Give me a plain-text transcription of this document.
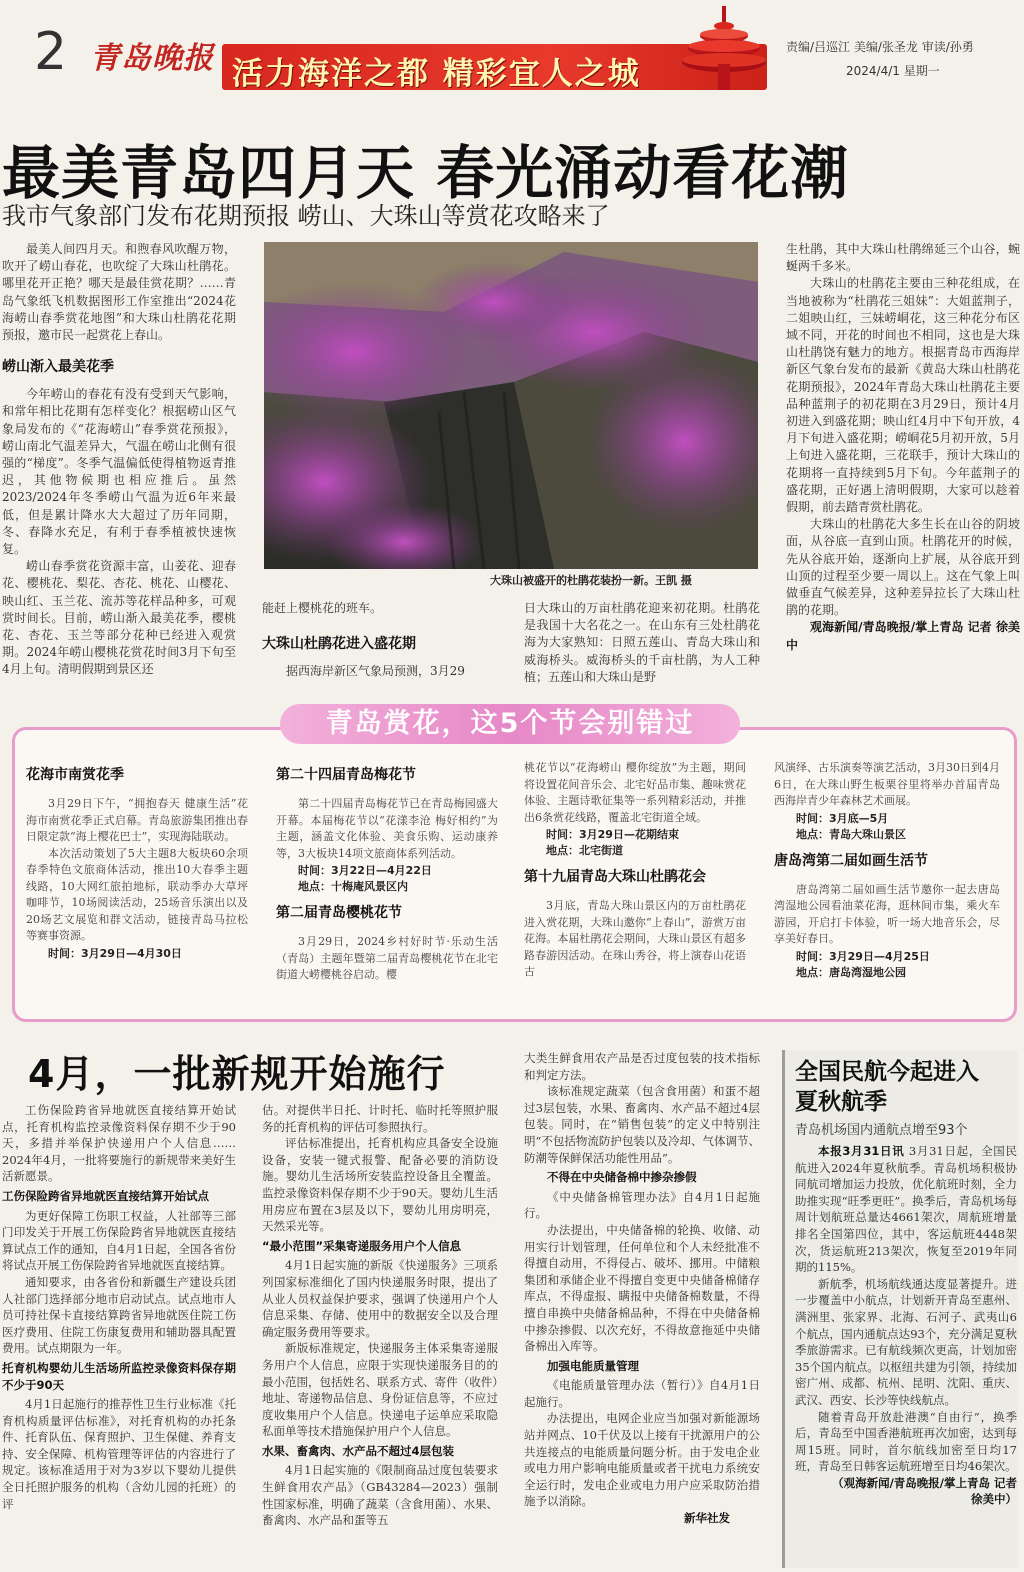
2 青岛晚报 活力海洋之都 精彩宜人之城
责编/吕巡江 美编/张圣龙 审读/孙勇
2024/4/1 星期一
最美青岛四月天 春光涌动看花潮
我市气象部门发布花期预报 崂山、大珠山等赏花攻略来了

最美人间四月天。和煦春风吹醒万物，吹开了崂山春花，也吹绽了大珠山杜鹃花。哪里花开正艳？哪天是最佳赏花期？……青岛气象纸飞机数据图形工作室推出“2024花海崂山春季赏花地图”和大珠山杜鹃花花期预报，邀市民一起赏花上春山。

崂山渐入最美花季

今年崂山的春花有没有受到天气影响，和常年相比花期有怎样变化？根据崂山区气象局发布的《“花海崂山”春季赏花预报》，崂山南北气温差异大，气温在崂山北侧有很强的“梯度”。冬季气温偏低使得植物返青推迟，其他物候期也相应推后。虽然2023/2024年冬季崂山气温为近6年来最低，但是累计降水大大超过了历年同期，冬、春降水充足，有利于春季植被快速恢复。

崂山春季赏花资源丰富，山姜花、迎春花、樱桃花、梨花、杏花、桃花、山樱花、映山红、玉兰花、流苏等花样品种多，可观赏时间长。目前，崂山渐入最美花季，樱桃花、杏花、玉兰等部分花种已经进入观赏期。2024年崂山樱桃花赏花时间3月下旬至4月上旬。清明假期到景区还

大珠山被盛开的杜鹃花装扮一新。王凯 摄

能赶上樱桃花的班车。

大珠山杜鹃花进入盛花期

据西海岸新区气象局预测，3月29

日大珠山的万亩杜鹃花迎来初花期。杜鹃花是我国十大名花之一。在山东有三处杜鹃花海为大家熟知：日照五莲山、青岛大珠山和威海桥头。威海桥头的千亩杜鹃，为人工种植；五莲山和大珠山是野

生杜鹃，其中大珠山杜鹃绵延三个山谷，蜿蜒两千多米。

大珠山的杜鹃花主要由三种花组成，在当地被称为“杜鹃花三姐妹”：大姐蓝荆子，二姐映山红，三妹崂峒花，这三种花分布区域不同，开花的时间也不相同，这也是大珠山杜鹃饶有魅力的地方。根据青岛市西海岸新区气象台发布的最新《黄岛大珠山杜鹃花花期预报》，2024年青岛大珠山杜鹃花主要品种蓝荆子的初花期在3月29日，预计4月初进入到盛花期；映山红4月中下旬开放，4月下旬进入盛花期；崂峒花5月初开放，5月上旬进入盛花期，三花联手，预计大珠山的花期将一直持续到5月下旬。今年蓝荆子的盛花期，正好遇上清明假期，大家可以趁着假期，前去踏青赏杜鹃花。

大珠山的杜鹃花大多生长在山谷的阴坡面，从谷底一直到山顶。杜鹃花开的时候，先从谷底开始，逐渐向上扩展，从谷底开到山顶的过程至少要一周以上。这在气象上叫做垂直气候差异，这种差异拉长了大珠山杜鹃的花期。

观海新闻/青岛晚报/掌上青岛 记者 徐美中

青岛赏花，这5个节会别错过
花海市南赏花季

3月29日下午，“拥抱春天 健康生活”花海市南赏花季正式启幕。青岛旅游集团推出春日限定款“海上樱花巴士”，实现海陆联动。

本次活动策划了5大主题8大板块60余项春季特色文旅商体活动，推出10大春季主题线路，10大网红旅拍地标，联动季办大草坪咖啡节，10场阅读活动，25场音乐演出以及20场艺文展览和群文活动，链接青岛马拉松等赛事资源。

时间：3月29日—4月30日

第二十四届青岛梅花节

第二十四届青岛梅花节已在青岛梅园盛大开幕。本届梅花节以“花漾李沧 梅好相约”为主题，涵盖文化体验、美食乐购、运动康养等，3大板块14项文旅商体系列活动。

时间：3月22日—4月22日

地点：十梅庵风景区内

第二届青岛樱桃花节

3月29日，2024乡村好时节·乐动生活（青岛）主题年暨第二届青岛樱桃花节在北宅街道大崂樱桃谷启动。樱

桃花节以“花海崂山 樱你绽放”为主题，期间将设置花间音乐会、北宅好品市集、趣味赏花体验、主题诗歌征集等一系列精彩活动，并推出6条赏花线路，覆盖北宅街道全域。

时间：3月29日—花期结束

地点：北宅街道

第十九届青岛大珠山杜鹃花会

3月底，青岛大珠山景区内的万亩杜鹃花进入赏花期，大珠山邀你“上春山”，游赏万亩花海。本届杜鹃花会期间，大珠山景区有超多路春游因活动。在珠山秀谷，将上演春山花语古

风演绎、古乐演奏等演艺活动，3月30日到4月6日，在大珠山野生板栗谷里将举办首届青岛西海岸青少年森林艺术画展。

时间：3月底—5月

地点：青岛大珠山景区

唐岛湾第二届如画生活节

唐岛湾第二届如画生活节邀你一起去唐岛湾湿地公园看油菜花海，逛林间市集，乘火车游园，开启打卡体验，听一场大地音乐会，尽享美好春日。

时间：3月29日—4月25日

地点：唐岛湾湿地公园

4月，一批新规开始施行

工伤保险跨省异地就医直接结算开始试点，托育机构监控录像资料保存期不少于90天，多措并举保护快递用户个人信息……2024年4月，一批将要施行的新规带来美好生活新愿景。

工伤保险跨省异地就医直接结算开始试点

为更好保障工伤职工权益，人社部等三部门印发关于开展工伤保险跨省异地就医直接结算试点工作的通知，自4月1日起，全国各省份将试点开展工伤保险跨省异地就医直接结算。

通知要求，由各省份和新疆生产建设兵团人社部门选择部分地市启动试点。试点地市人员可持社保卡直接结算跨省异地就医住院工伤医疗费用、住院工伤康复费用和辅助器具配置费用。试点期限为一年。

托育机构婴幼儿生活场所监控录像资料保存期不少于90天

4月1日起施行的推荐性卫生行业标准《托育机构质量评估标准》，对托育机构的办托条件、托育队伍、保育照护、卫生保健、养育支持、安全保障、机构管理等评估的内容进行了规定。该标准适用于对为3岁以下婴幼儿提供全日托照护服务的机构（含幼儿园的托班）的评

估。对提供半日托、计时托、临时托等照护服务的托育机构的评估可参照执行。

评估标准提出，托育机构应具备安全设施设备，安装一键式报警、配备必要的消防设施。婴幼儿生活场所安装监控设备且全覆盖。监控录像资料保存期不少于90天。婴幼儿生活用房应布置在3层及以下，婴幼儿用房明亮，天然采光等。

“最小范围”采集寄递服务用户个人信息

4月1日起实施的新版《快递服务》三项系列国家标准细化了国内快递服务时限，提出了从业人员权益保护要求，强调了快递用户个人信息采集、存储、使用中的数据安全以及合理确定服务费用等要求。

新版标准规定，快递服务主体采集寄递服务用户个人信息，应限于实现快递服务目的的最小范围，包括姓名、联系方式、寄件（收件）地址、寄递物品信息、身份证信息等，不应过度收集用户个人信息。快递电子运单应采取隐私面单等技术措施保护用户个人信息。

水果、畜禽肉、水产品不超过4层包装

4月1日起实施的《限制商品过度包装要求 生鲜食用农产品》（GB43284—2023）强制性国家标准，明确了蔬菜（含食用菌）、水果、畜禽肉、水产品和蛋等五

大类生鲜食用农产品是否过度包装的技术指标和判定方法。

该标准规定蔬菜（包含食用菌）和蛋不超过3层包装，水果、畜禽肉、水产品不超过4层包装。同时，在“销售包装”的定义中特别注明“不包括物流防护包装以及冷却、气体调节、防潮等保鲜保活功能性用品”。

不得在中央储备棉中掺杂掺假

《中央储备棉管理办法》自4月1日起施行。

办法提出，中央储备棉的轮换、收储、动用实行计划管理，任何单位和个人未经批准不得擅自动用，不得侵占、破坏、挪用。中储粮集团和承储企业不得擅自变更中央储备棉储存库点，不得虚报、瞒报中央储备棉数量，不得擅自串换中央储备棉品种，不得在中央储备棉中掺杂掺假、以次充好，不得故意拖延中央储备棉出入库等。

加强电能质量管理

《电能质量管理办法（暂行）》自4月1日起施行。

办法提出，电网企业应当加强对新能源场站并网点、10千伏及以上接有干扰源用户的公共连接点的电能质量问题分析。由于发电企业或电力用户影响电能质量或者干扰电力系统安全运行时，发电企业或电力用户应采取防治措施予以消除。

新华社发

全国民航今起进入夏秋航季
青岛机场国内通航点增至93个

本报3月31日讯 3月31日起，全国民航进入2024年夏秋航季。青岛机场积极协同航司增加运力投放，优化航班时刻，全力助推实现“旺季更旺”。换季后，青岛机场每周计划航班总量达4661架次，周航班增量排名全国第四位，其中，客运航班4448架次，货运航班213架次，恢复至2019年同期的115%。

新航季，机场航线通达度显著提升。进一步覆盖中小航点，计划新开青岛至惠州、满洲里、张家界、北海、石河子、武夷山6个航点，国内通航点达93个，充分满足夏秋季旅游需求。已有航线频次更高，计划加密35个国内航点。以枢纽共建为引领，持续加密广州、成都、杭州、昆明、沈阳、重庆、武汉、西安、长沙等快线航点。

随着青岛开放赴港澳“自由行”，换季后，青岛至中国香港航班再次加密，达到每周15班。同时，首尔航线加密至日均17班，青岛至日韩客运航班增至日均46架次。

（观海新闻/青岛晚报/掌上青岛 记者 徐美中）
